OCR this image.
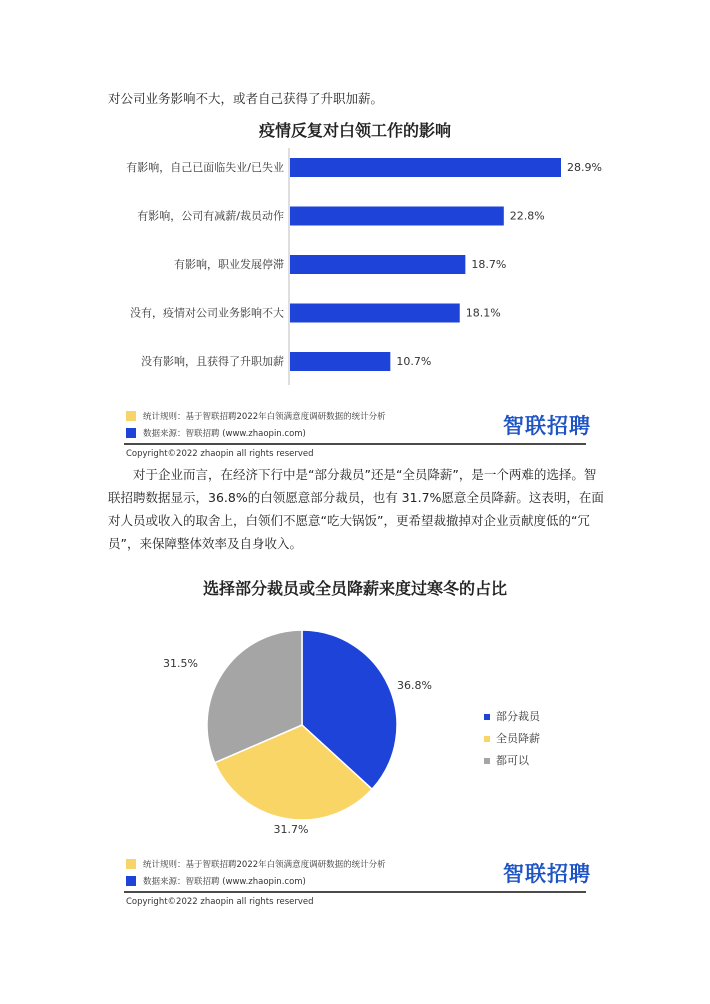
对公司业务影响不大，或者自己获得了升职加薪。

疫情反复对白领工作的影响
有影响，自己已面临失业/已失业	28.9%
有影响，公司有减薪/裁员动作	22.8%
有影响，职业发展停滞	18.7%
没有，疫情对公司业务影响不大	18.1%
没有影响，且获得了升职加薪	10.7%
统计规则：基于智联招聘2022年白领满意度调研数据的统计分析
数据来源：智联招聘 (www.zhaopin.com)	智联招聘
Copyright©2022 zhaopin all rights reserved

对于企业而言，在经济下行中是“部分裁员”还是“全员降薪”，是一个两难的选择。智联招聘数据显示，36.8%的白领愿意部分裁员，也有 31.7%愿意全员降薪。这表明，在面对人员或收入的取舍上，白领们不愿意“吃大锅饭”，更希望裁撤掉对企业贡献度低的“冗员”，来保障整体效率及自身收入。

选择部分裁员或全员降薪来度过寒冬的占比
36.8%
31.7%
31.5%
部分裁员
全员降薪
都可以
统计规则：基于智联招聘2022年白领满意度调研数据的统计分析
数据来源：智联招聘 (www.zhaopin.com)	智联招聘
Copyright©2022 zhaopin all rights reserved
